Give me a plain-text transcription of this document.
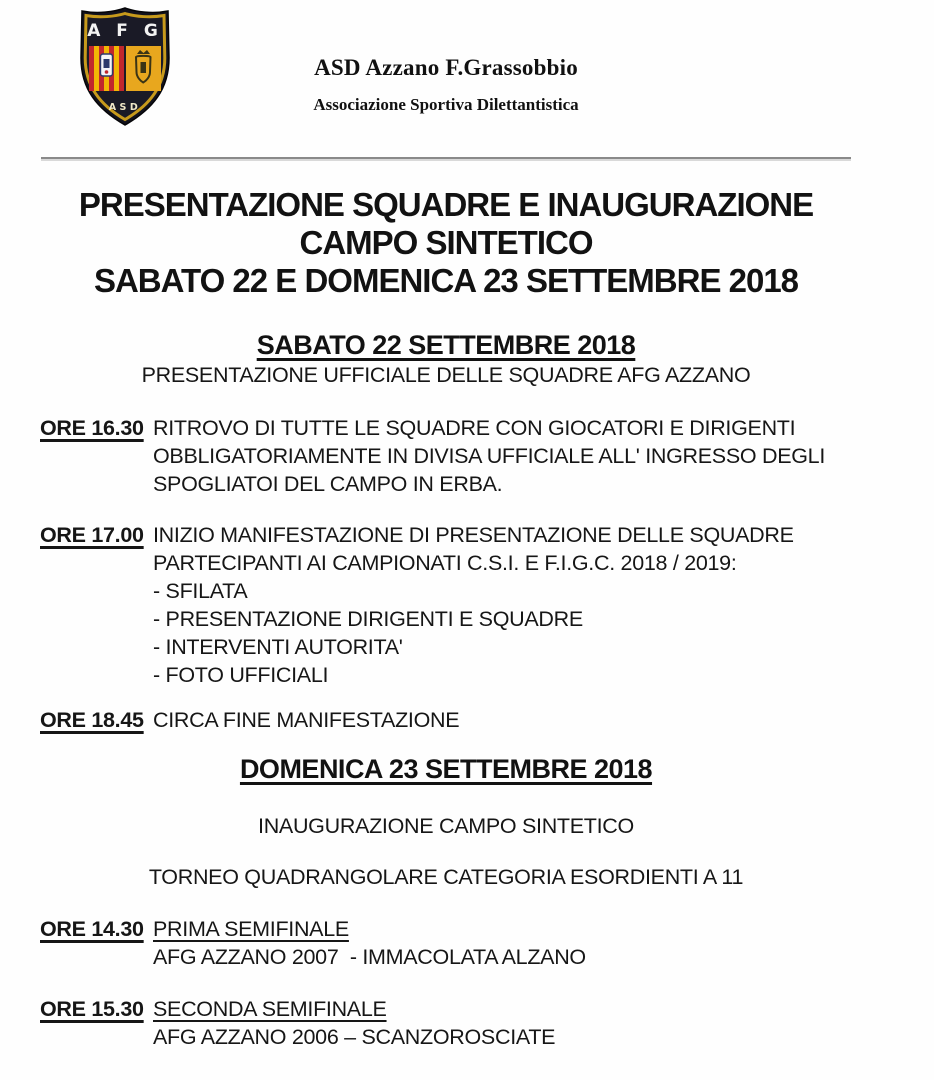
A F G
ASD
ASD Azzano F.Grassobbio
Associazione Sportiva Dilettantistica
PRESENTAZIONE SQUADRE E INAUGURAZIONE
CAMPO SINTETICO
SABATO 22 E DOMENICA 23 SETTEMBRE 2018
SABATO 22 SETTEMBRE 2018
PRESENTAZIONE UFFICIALE DELLE SQUADRE AFG AZZANO
ORE 16.30 RITROVO DI TUTTE LE SQUADRE CON GIOCATORI E DIRIGENTI
OBBLIGATORIAMENTE IN DIVISA UFFICIALE ALL' INGRESSO DEGLI
SPOGLIATOI DEL CAMPO IN ERBA.
ORE 17.00 INIZIO MANIFESTAZIONE DI PRESENTAZIONE DELLE SQUADRE
PARTECIPANTI AI CAMPIONATI C.S.I. E F.I.G.C. 2018 / 2019:
- SFILATA
- PRESENTAZIONE DIRIGENTI E SQUADRE
- INTERVENTI AUTORITA'
- FOTO UFFICIALI
ORE 18.45 CIRCA FINE MANIFESTAZIONE
DOMENICA 23 SETTEMBRE 2018
INAUGURAZIONE CAMPO SINTETICO
TORNEO QUADRANGOLARE CATEGORIA ESORDIENTI A 11
ORE 14.30 PRIMA SEMIFINALE
AFG AZZANO 2007  - IMMACOLATA ALZANO
ORE 15.30 SECONDA SEMIFINALE
AFG AZZANO 2006 – SCANZOROSCIATE
